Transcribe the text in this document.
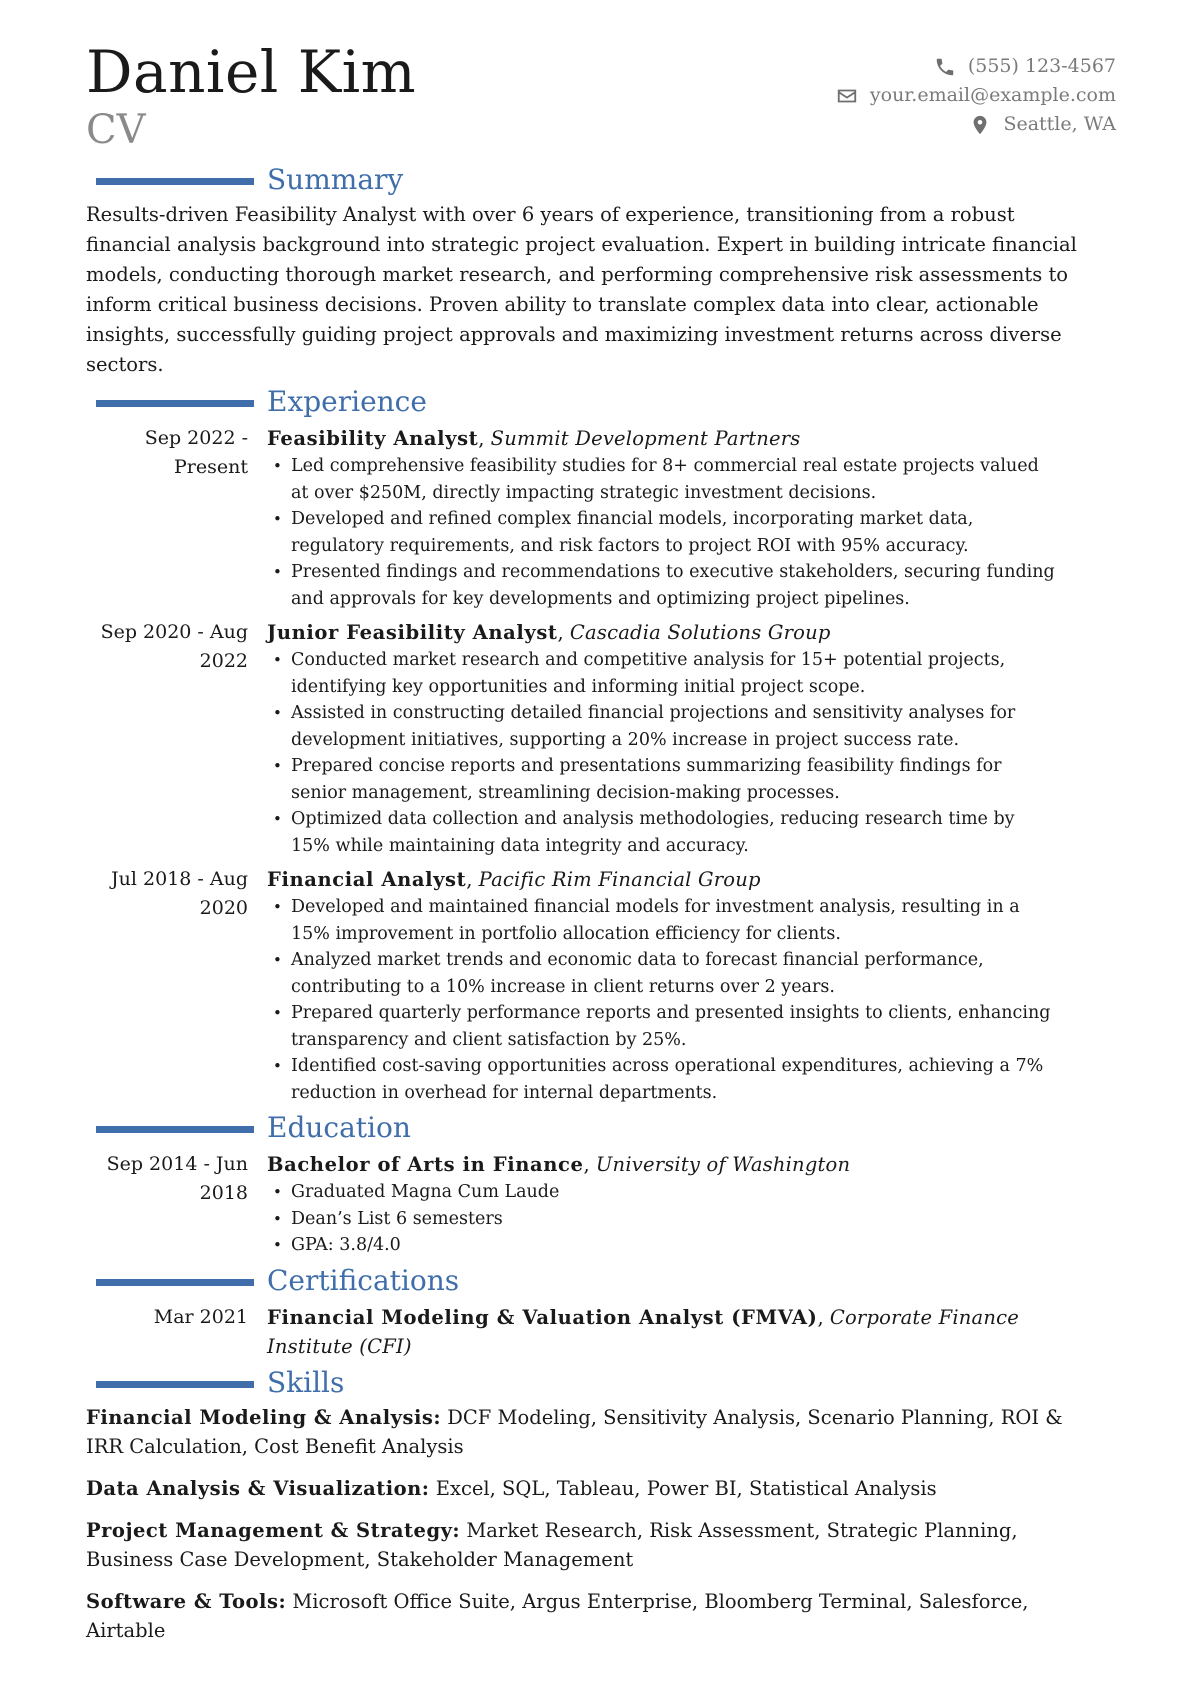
Daniel Kim
CV
(555) 123-4567
your.email@example.com
Seattle, WA
Summary

Results-driven Feasibility Analyst with over 6 years of experience, transitioning from a robust financial analysis background into strategic project evaluation. Expert in building intricate financial models, conducting thorough market research, and performing comprehensive risk assessments to inform critical business decisions. Proven ability to translate complex data into clear, actionable insights, successfully guiding project approvals and maximizing investment returns across diverse sectors.

Experience
Sep 2022 - Present
Feasibility Analyst, Summit Development Partners
• Led comprehensive feasibility studies for 8+ commercial real estate projects valued at over $250M, directly impacting strategic investment decisions.
• Developed and refined complex financial models, incorporating market data, regulatory requirements, and risk factors to project ROI with 95% accuracy.
• Presented findings and recommendations to executive stakeholders, securing funding and approvals for key developments and optimizing project pipelines.
Sep 2020 - Aug 2022
Junior Feasibility Analyst, Cascadia Solutions Group
• Conducted market research and competitive analysis for 15+ potential projects, identifying key opportunities and informing initial project scope.
• Assisted in constructing detailed financial projections and sensitivity analyses for development initiatives, supporting a 20% increase in project success rate.
• Prepared concise reports and presentations summarizing feasibility findings for senior management, streamlining decision-making processes.
• Optimized data collection and analysis methodologies, reducing research time by 15% while maintaining data integrity and accuracy.
Jul 2018 - Aug 2020
Financial Analyst, Pacific Rim Financial Group
• Developed and maintained financial models for investment analysis, resulting in a 15% improvement in portfolio allocation efficiency for clients.
• Analyzed market trends and economic data to forecast financial performance, contributing to a 10% increase in client returns over 2 years.
• Prepared quarterly performance reports and presented insights to clients, enhancing transparency and client satisfaction by 25%.
• Identified cost-saving opportunities across operational expenditures, achieving a 7% reduction in overhead for internal departments.
Education
Sep 2014 - Jun 2018
Bachelor of Arts in Finance, University of Washington
• Graduated Magna Cum Laude
• Dean’s List 6 semesters
• GPA: 3.8/4.0
Certifications
Mar 2021 Financial Modeling & Valuation Analyst (FMVA), Corporate Finance Institute (CFI)
Skills

Financial Modeling & Analysis: DCF Modeling, Sensitivity Analysis, Scenario Planning, ROI & IRR Calculation, Cost Benefit Analysis

Data Analysis & Visualization: Excel, SQL, Tableau, Power BI, Statistical Analysis

Project Management & Strategy: Market Research, Risk Assessment, Strategic Planning, Business Case Development, Stakeholder Management

Software & Tools: Microsoft Office Suite, Argus Enterprise, Bloomberg Terminal, Salesforce, Airtable
